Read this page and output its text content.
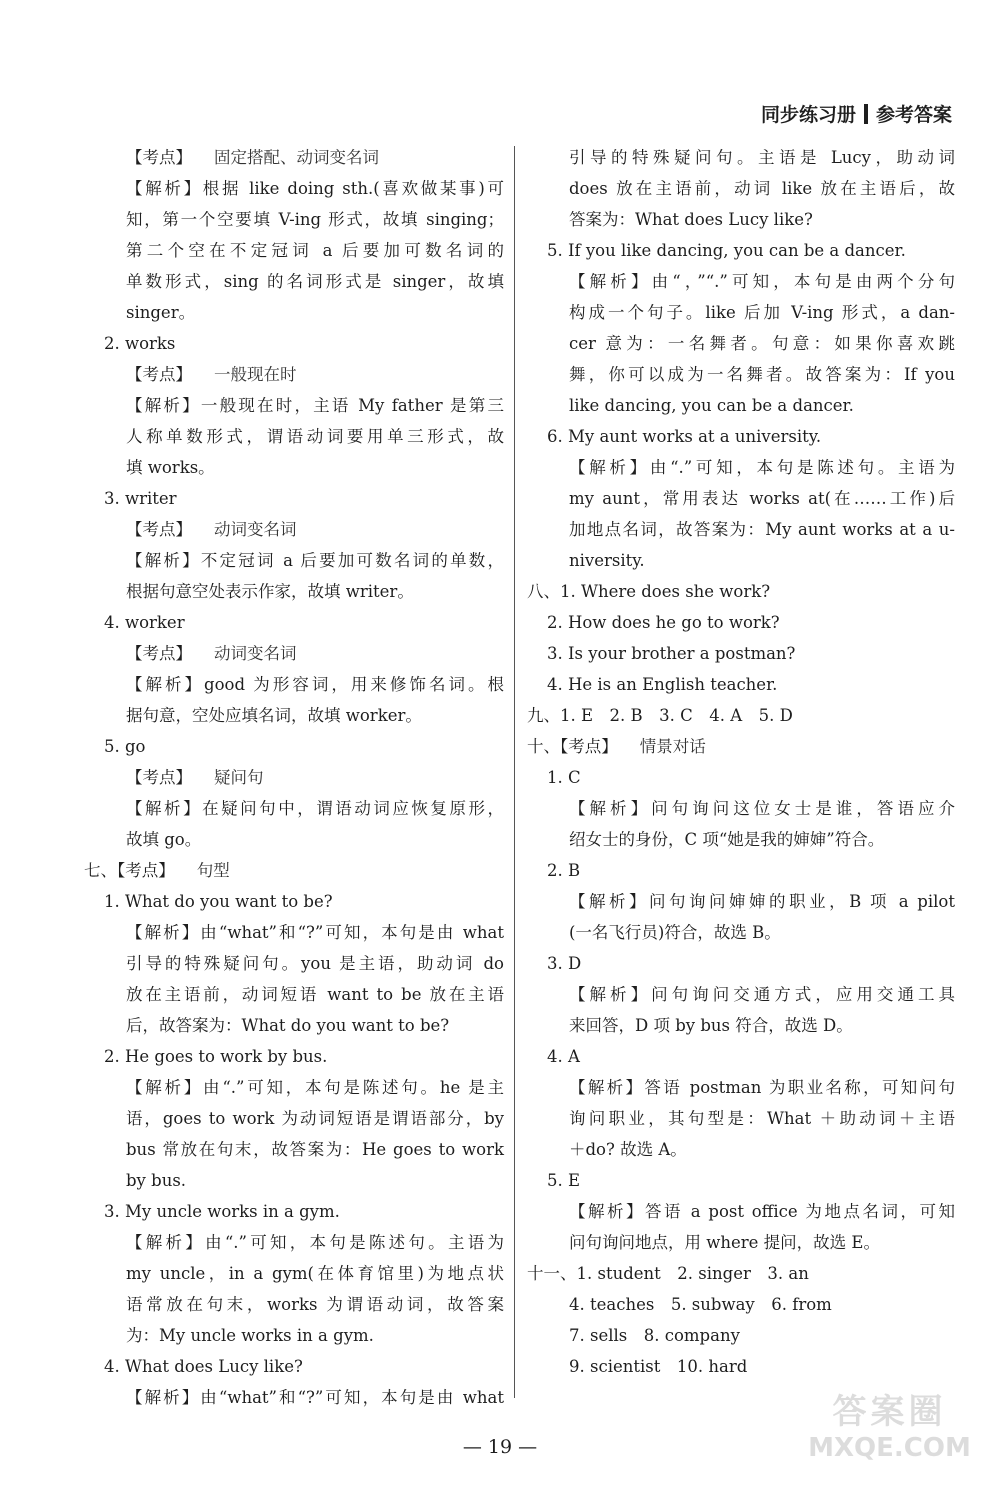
同步练习册 参考答案
【考点】 固定搭配、动词变名词
【解析】根据 like doing sth.(喜欢做某事)可
知，第一个空要填 V-ing 形式，故填 singing；
第二个空在不定冠词 a 后要加可数名词的
单数形式，sing 的名词形式是 singer，故填
singer。
2. works
【考点】 一般现在时
【解析】一般现在时，主语 My father 是第三
人称单数形式，谓语动词要用单三形式，故
填 works。
3. writer
【考点】 动词变名词
【解析】不定冠词 a 后要加可数名词的单数，
根据句意空处表示作家，故填 writer。
4. worker
【考点】 动词变名词
【解析】good 为形容词，用来修饰名词。根
据句意，空处应填名词，故填 worker。
5. go
【考点】 疑问句
【解析】在疑问句中，谓语动词应恢复原形，
故填 go。
七、【考点】 句型
1. What do you want to be?
【解析】由“what”和“?”可知，本句是由 what
引导的特殊疑问句。you 是主语，助动词 do
放在主语前，动词短语 want to be 放在主语
后，故答案为：What do you want to be?
2. He goes to work by bus.
【解析】由“.”可知，本句是陈述句。he 是主
语，goes to work 为动词短语是谓语部分，by
bus 常放在句末，故答案为：He goes to work
by bus.
3. My uncle works in a gym.
【解析】由“.”可知，本句是陈述句。主语为
my uncle，in a gym(在体育馆里)为地点状
语常放在句末，works 为谓语动词，故答案
为：My uncle works in a gym.
4. What does Lucy like?
【解析】由“what”和“?”可知，本句是由 what
引导的特殊疑问句。主语是 Lucy，助动词
does 放在主语前，动词 like 放在主语后，故
答案为：What does Lucy like?
5. If you like dancing, you can be a dancer.
【解析】由“，”“.”可知，本句是由两个分句
构成一个句子。like 后加 V-ing 形式，a dan-
cer 意为：一名舞者。句意：如果你喜欢跳
舞，你可以成为一名舞者。故答案为：If you
like dancing, you can be a dancer.
6. My aunt works at a university.
【解析】由“.”可知，本句是陈述句。主语为
my aunt，常用表达 works at(在……工作)后
加地点名词，故答案为：My aunt works at a u-
niversity.
八、1. Where does she work?
2. How does he go to work?
3. Is your brother a postman?
4. He is an English teacher.
九、1. E　2. B　3. C　4. A　5. D
十、【考点】 情景对话
1. C
【解析】问句询问这位女士是谁，答语应介
绍女士的身份，C 项“她是我的婶婶”符合。
2. B
【解析】问句询问婶婶的职业，B 项 a pilot
(一名飞行员)符合，故选 B。
3. D
【解析】问句询问交通方式，应用交通工具
来回答，D 项 by bus 符合，故选 D。
4. A
【解析】答语 postman 为职业名称，可知问句
询问职业，其句型是：What ＋助动词＋主语
＋do? 故选 A。
5. E
【解析】答语 a post office 为地点名词，可知
问句询问地点，用 where 提问，故选 E。
十一、1. student　2. singer　3. an
4. teaches　5. subway　6. from
7. sells　8. company
9. scientist　10. hard
— 19 —
答案圈
MXQE.COM
